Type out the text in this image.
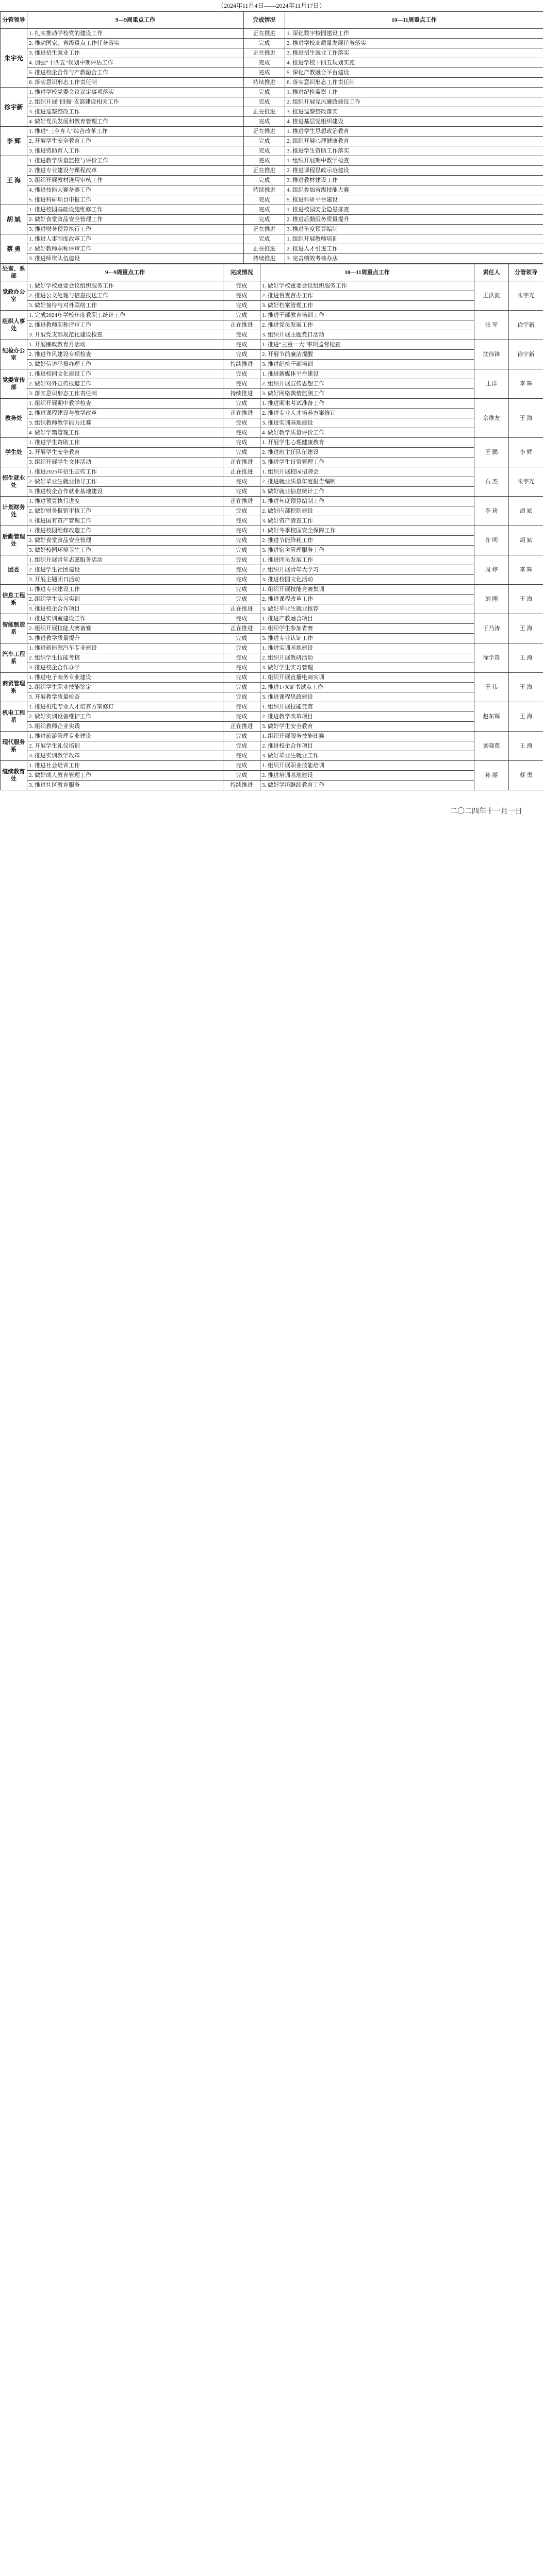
（2024年11月4日——2024年11月17日）
分管领导	9—9周重点工作	完成情况	10—11周重点工作
朱宇光	1. 扎实推动学校党的建设工作	正在推进	1. 深化数字校园建设工作
	2. 推动国家、省级重点工作任务落实	完成	2. 推进学校高质量发展任务落实
	3. 推进招生就业工作	正在推进	3. 推进招生就业工作落实
	4. 加强“十四五”规划中期评估工作	完成	4. 推进学校十四五规划实施
	5. 推进校企合作与产教融合工作	完成	5. 深化产教融合平台建设
	6. 落实意识形态工作责任制	持续推进	6. 落实意识形态工作责任制
徐宇新	1. 推进学校党委会议议定事项落实	完成	1. 推进纪检监察工作
	2. 组织开展“四强”支部建设相关工作	完成	2. 组织开展党风廉政建设工作
	3. 推进巡察整改工作	正在推进	3. 推进巡察整改落实
	4. 做好党员发展和教育管理工作	完成	4. 推进基层党组织建设
李 辉	1. 推进“三全育人”综合改革工作	正在推进	1. 推进学生思想政治教育
	2. 开展学生安全教育工作	完成	2. 组织开展心理健康教育
	3. 推进资助育人工作	完成	3. 推进学生资助工作落实
王 海	1. 推进教学质量监控与评价工作	完成	1. 组织开展期中教学检查
	2. 推进专业建设与课程改革	正在推进	2. 推进课程思政示范建设
	3. 组织开展教材选用审核工作	完成	3. 推进教材建设工作
	4. 推进技能大赛备赛工作	持续推进	4. 组织参加省级技能大赛
	5. 推进科研项目申报工作	完成	5. 推进科研平台建设
胡 斌	1. 推进校园基础设施维修工作	完成	1. 推进校园安全隐患排查
	2. 做好食堂食品安全管理工作	完成	2. 推进后勤服务质量提升
	3. 推进财务预算执行工作	正在推进	3. 推进年度预算编制
蔡 勇	1. 推进人事制度改革工作	完成	1. 组织开展教师培训
	2. 做好教师职称评审工作	正在推进	2. 推进人才引进工作
	3. 推进师资队伍建设	持续推进	3. 完善绩效考核办法
处室、系部	9—9周重点工作	完成情况	10—11周重点工作	责任人	分管领导
党政办公室	1. 做好学校重要会议组织服务工作	完成	1. 做好学校重要会议组织服务工作	王洪波	朱宇光
	2. 推进公文处理与信息报送工作	完成	2. 推进督查督办工作		
	3. 做好接待与对外联络工作	完成	3. 做好档案管理工作		
组织人事处	1. 完成2024年学校年度教职工统计工作	完成	1. 推进干部教育培训工作	张 军	徐宇新
	2. 推进教师职称评审工作	正在推进	2. 推进党员发展工作		
	3. 开展党支部规范化建设检查	完成	3. 组织开展主题党日活动		
纪检办公室	1. 开展廉政教育月活动	完成	1. 推进“三重一大”事项监督检查	沈伟锋	徐宇新
	2. 推进作风建设专项检查	完成	2. 开展节前廉洁提醒		
	3. 做好信访举报办理工作	持续推进	3. 推进纪检干部培训		
党委宣传部	1. 推进校园文化建设工作	完成	1. 推进新媒体平台建设	王洋	李 辉
	2. 做好对外宣传报道工作	完成	2. 组织开展宣传思想工作		
	3. 落实意识形态工作责任制	持续推进	3. 做好网络舆情监测工作		
教务处	1. 组织开展期中教学检查	完成	1. 推进期末考试准备工作	余维友	王 海
	2. 推进课程建设与教学改革	正在推进	2. 推进专业人才培养方案修订		
	3. 组织教师教学能力比赛	完成	3. 推进实训基地建设		
	4. 做好学籍管理工作	完成	4. 做好教学质量评价工作		
学生处	1. 推进学生资助工作	完成	1. 开展学生心理健康教育	王 鹏	李 辉
	2. 开展学生安全教育	完成	2. 推进班主任队伍建设		
	3. 组织开展学生文体活动	正在推进	3. 推进学生日常管理工作		
招生就业处	1. 推进2025年招生宣传工作	正在推进	1. 组织开展校园招聘会	石 杰	朱宇光
	2. 做好毕业生就业指导工作	完成	2. 推进就业质量年度报告编制		
	3. 推进校企合作就业基地建设	完成	3. 做好就业信息统计工作		
计划财务处	1. 推进预算执行进度	正在推进	1. 推进年度预算编制工作	李 琦	胡 斌
	2. 做好财务报销审核工作	完成	2. 做好内部控制建设		
	3. 推进国有资产管理工作	完成	3. 做好资产清查工作		
后勤管理处	1. 推进校园维修改造工作	完成	1. 做好冬季校园安全保障工作	许 明	胡 斌
	2. 做好食堂食品安全管理	完成	2. 推进节能降耗工作		
	3. 做好校园环境卫生工作	完成	3. 推进宿舍管理服务工作		
团委	1. 组织开展青年志愿服务活动	完成	1. 推进团员发展工作	周 婷	李 辉
	2. 推进学生社团建设	完成	2. 组织开展青年大学习		
	3. 开展主题团日活动	完成	3. 推进校园文化活动		
信息工程系	1. 推进专业建设工作	完成	1. 组织开展技能竞赛集训	刘 刚	王 海
	2. 组织学生实习实训	完成	2. 推进课程改革工作		
	3. 推进校企合作项目	正在推进	3. 做好毕业生就业推荐		
智能制造系	1. 推进实训室建设工作	完成	1. 推进产教融合项目	于乃涛	王 海
	2. 组织开展技能大赛备赛	正在推进	2. 组织学生参加省赛		
	3. 推进教学质量提升	完成	3. 推进专业认证工作		
汽车工程系	1. 推进新能源汽车专业建设	完成	1. 推进实训基地建设	徐学贵	王 海
	2. 组织学生技能考核	完成	2. 组织开展教研活动		
	3. 推进校企合作办学	完成	3. 做好学生实习管理		
商贸管理系	1. 推进电子商务专业建设	完成	1. 组织开展直播电商实训	王 伟	王 海
	2. 组织学生职业技能鉴定	完成	2. 推进1+X证书试点工作		
	3. 开展教学质量检查	完成	3. 推进课程思政建设		
机电工程系	1. 推进机电专业人才培养方案修订	完成	1. 组织开展技能竞赛	赵东辉	王 海
	2. 做好实训设备维护工作	完成	2. 推进教学改革项目		
	3. 组织教师企业实践	正在推进	3. 做好学生安全教育		
现代服务系	1. 推进旅游管理专业建设	完成	1. 组织开展服务技能比赛	刘晓莲	王 海
	2. 开展学生礼仪培训	完成	2. 推进校企合作项目		
	3. 推进实训教学改革	完成	3. 做好毕业生就业工作		
继续教育处	1. 推进社会培训工作	完成	1. 组织开展职业技能培训	孙 丽	蔡 勇
	2. 做好成人教育管理工作	完成	2. 推进培训基地建设		
	3. 推进社区教育服务	持续推进	3. 做好学历继续教育工作		
二〇二四年十一月一日
